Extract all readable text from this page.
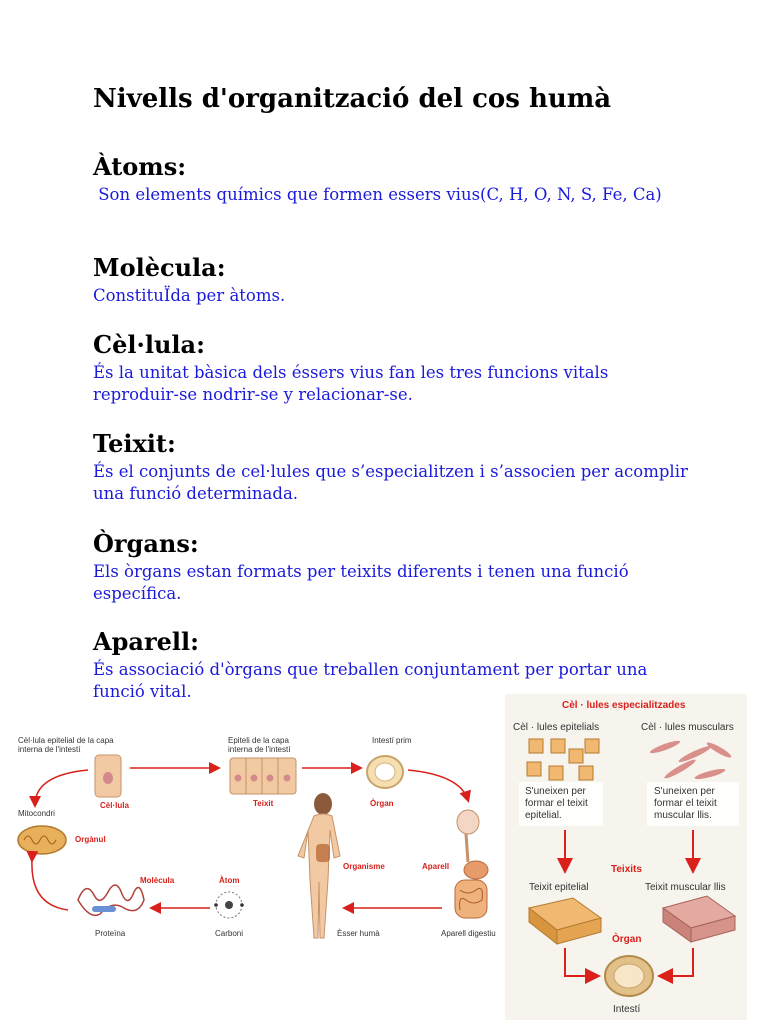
Nivells d'organització del cos humà
Àtoms:

Son elements químics que formen essers vius(C, H, O, N, S, Fe, Ca)

Molècula:

ConstituÏda per àtoms.

Cèl·lula:

És la unitat bàsica dels éssers vius fan les tres funcions vitals reproduir-se nodrir-se y relacionar-se.

Teixit:

És el conjunts de cel·lules que s’especialitzen i s’associen per acomplir una funció determinada.

Òrgans:

Els òrgans estan formats per teixits diferents i tenen una funció específica.

Aparell:

És associació d'òrgans que treballen conjuntament per portar una funció vital.

Cèl·lula epitelial de la capa
interna de l'intestí
Cèl·lula
Epiteli de la capa
interna de l'intestí
Teixit
Intestí prim
Òrgan
Mitocondri
Orgànul
Molècula
Proteïna
Àtom
Carboni
Organisme
Èsser humà
Aparell
Aparell digestiu
Cèl · lules especialitzades
Cèl · lules epitelials	Cèl · lules musculars
S'uneixen per
formar el teixit
epitelial.
S'uneixen per
formar el teixit
muscular llis.
Teixits
Teixit epitelial	Teixit muscular llis
Òrgan
Intestí
